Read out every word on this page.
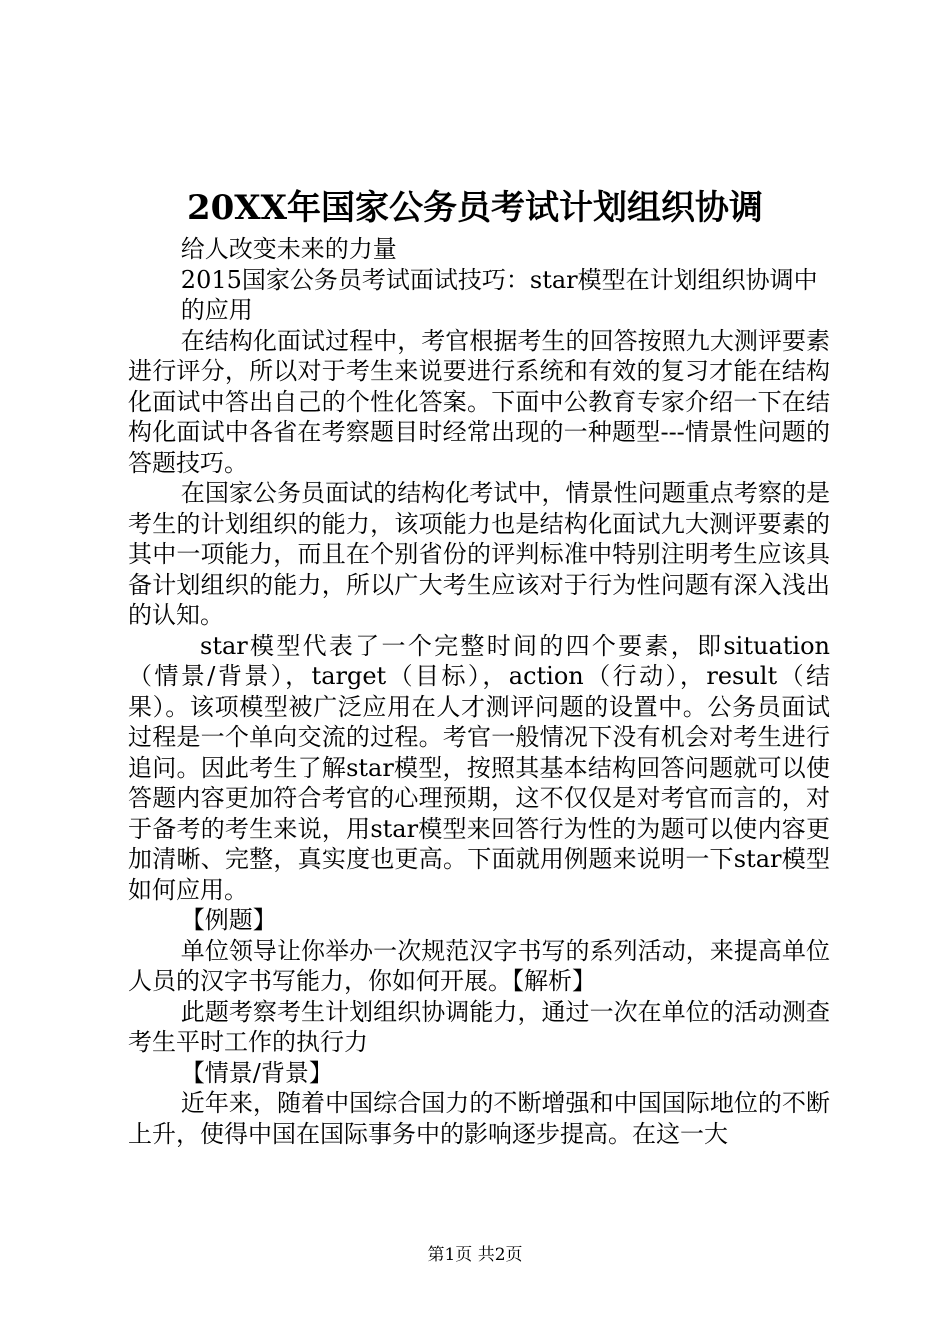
20XX年国家公务员考试计划组织协调

给人改变未来的力量

2015国家公务员考试面试技巧：star模型在计划组织协调中

的应用

在结构化面试过程中，考官根据考生的回答按照九大测评要素进行评分，所以对于考生来说要进行系统和有效的复习才能在结构化面试中答出自己的个性化答案。下面中公教育专家介绍一下在结构化面试中各省在考察题目时经常出现的一种题型---情景性问题的答题技巧。

在国家公务员面试的结构化考试中，情景性问题重点考察的是考生的计划组织的能力，该项能力也是结构化面试九大测评要素的其中一项能力，而且在个别省份的评判标准中特别注明考生应该具备计划组织的能力，所以广大考生应该对于行为性问题有深入浅出的认知。

star模型代表了一个完整时间的四个要素，即situation（情景/背景），target（目标），action（行动），result（结果）。该项模型被广泛应用在人才测评问题的设置中。公务员面试过程是一个单向交流的过程。考官一般情况下没有机会对考生进行追问。因此考生了解star模型，按照其基本结构回答问题就可以使答题内容更加符合考官的心理预期，这不仅仅是对考官而言的，对于备考的考生来说，用star模型来回答行为性的为题可以使内容更加清晰、完整，真实度也更高。下面就用例题来说明一下star模型如何应用。

【例题】

单位领导让你举办一次规范汉字书写的系列活动，来提高单位人员的汉字书写能力，你如何开展。【解析】

此题考察考生计划组织协调能力，通过一次在单位的活动测查考生平时工作的执行力

【情景/背景】

近年来，随着中国综合国力的不断增强和中国国际地位的不断上升，使得中国在国际事务中的影响逐步提高。在这一大

第1页 共2页
